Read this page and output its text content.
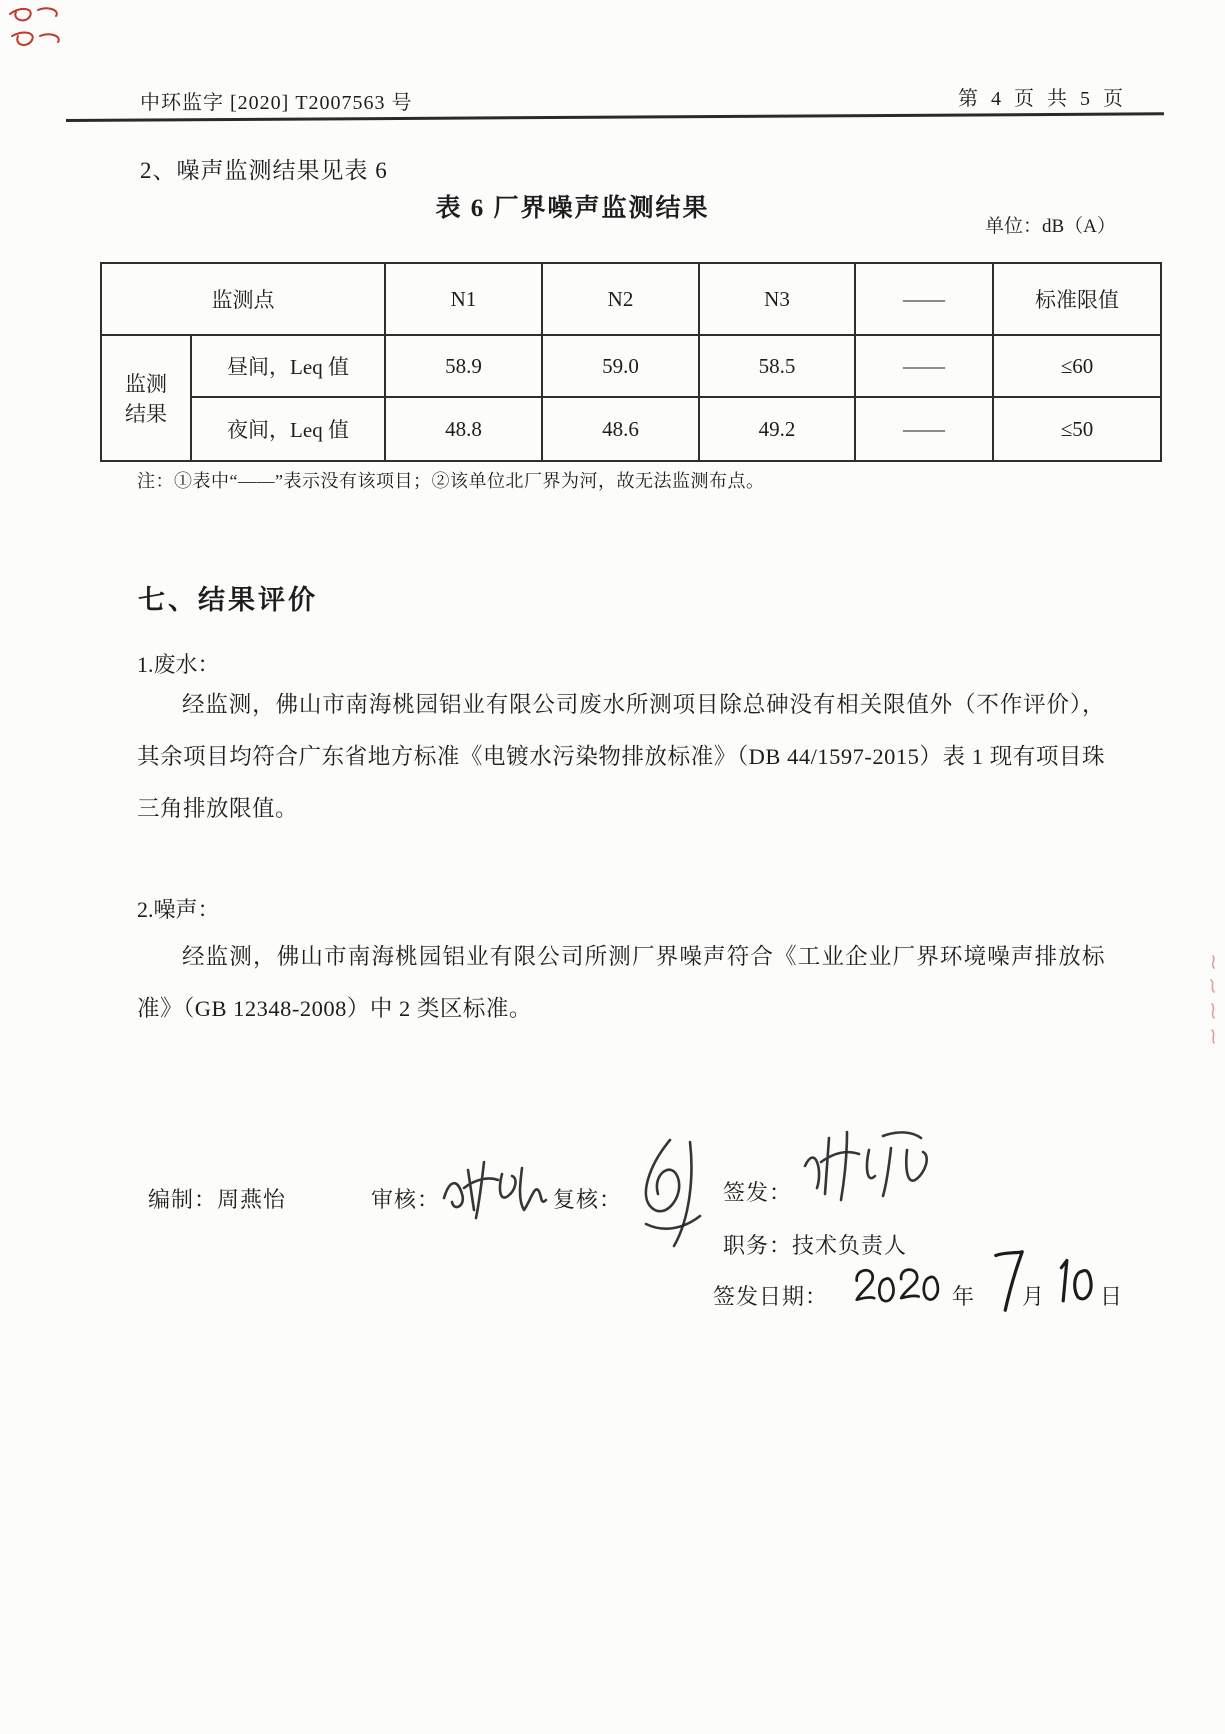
中环监字 [2020] T2007563 号	第 4 页 共 5 页
2、噪声监测结果见表 6
表 6 厂界噪声监测结果
单位：dB（A）
监测点		N1	N2	N3	——	标准限值
监测结果	昼间，Leq 值	58.9	59.0	58.5	——	≤60
	夜间，Leq 值	48.8	48.6	49.2	——	≤50
注：①表中“——”表示没有该项目；②该单位北厂界为河，故无法监测布点。
七、结果评价
1.废水：
经监测，佛山市南海桃园铝业有限公司废水所测项目除总砷没有相关限值外（不作评价），其余项目均符合广东省地方标准《电镀水污染物排放标准》（DB 44/1597-2015）表 1 现有项目珠三角排放限值。
2.噪声：
经监测，佛山市南海桃园铝业有限公司所测厂界噪声符合《工业企业厂界环境噪声排放标准》（GB 12348-2008）中 2 类区标准。
编制：周燕怡	审核：	复核：	签发：
职务：技术负责人
签发日期：	年 月 日
